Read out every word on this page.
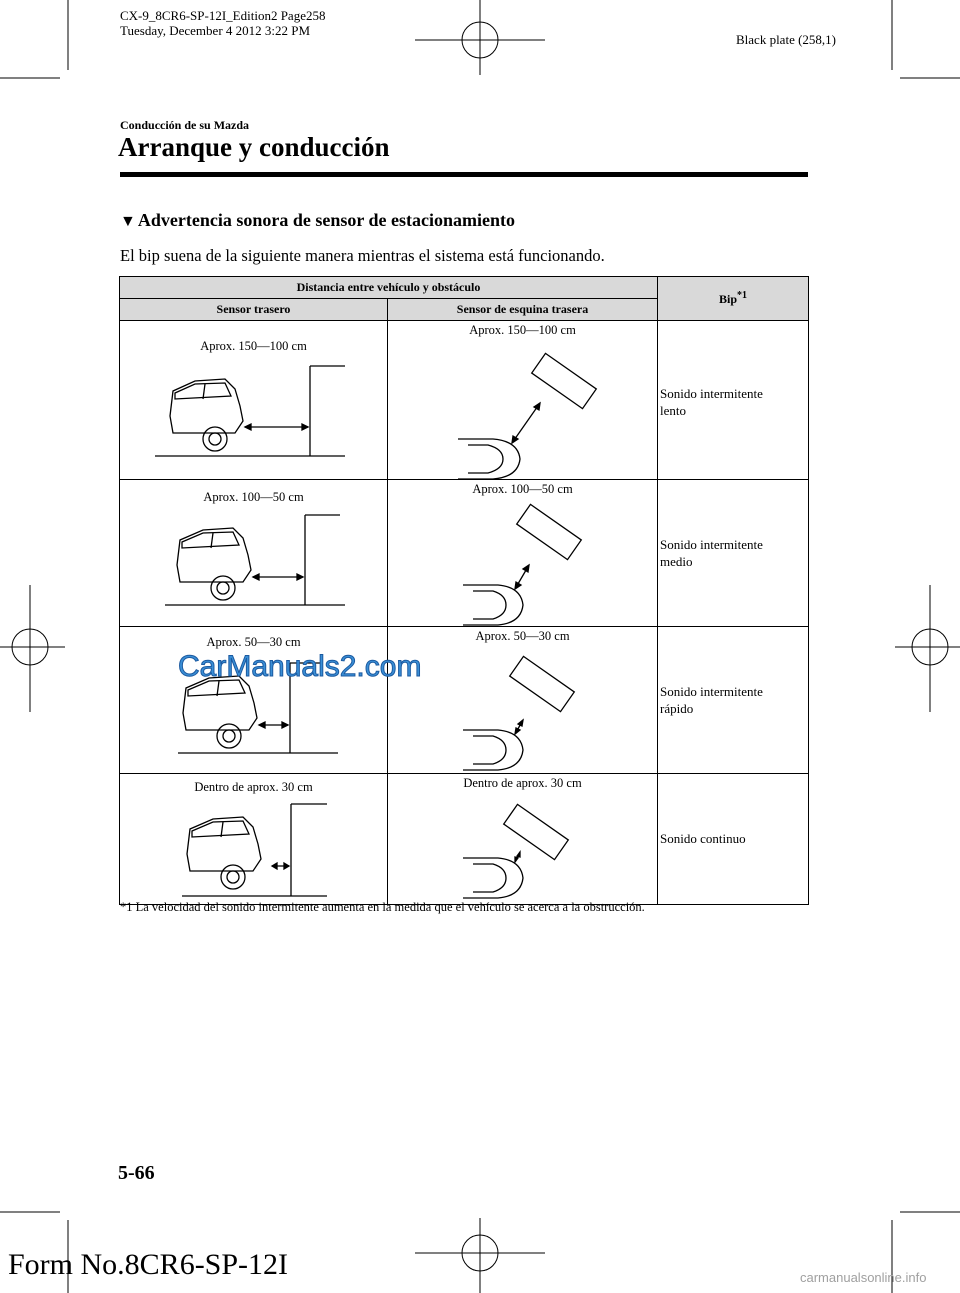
CX-9_8CR6-SP-12I_Edition2 Page258
Tuesday, December 4 2012 3:22 PM
Black plate (258,1)
Conducción de su Mazda
Arranque y conducción
▼ Advertencia sonora de sensor de estacionamiento
El bip suena de la siguiente manera mientras el sistema está funcionando.
Distancia entre vehículo y obstáculo		Bip$^{*1}$
Sensor trasero	Sensor de esquina trasera	

Aprox. 150―100 cm	Aprox. 150―100 cm	Sonido intermitente
lento

Aprox. 100―50 cm	Aprox. 100―50 cm	Sonido intermitente
medio

Aprox. 50―30 cm	Aprox. 50―30 cm	Sonido intermitente
rápido

Dentro de aprox. 30 cm	Dentro de aprox. 30 cm	Sonido continuo
*1 La velocidad del sonido intermitente aumenta en la medida que el vehículo se acerca a la obstrucción.
CarManuals2.com
5-66
Form No.8CR6-SP-12I	carmanualsonline.info
